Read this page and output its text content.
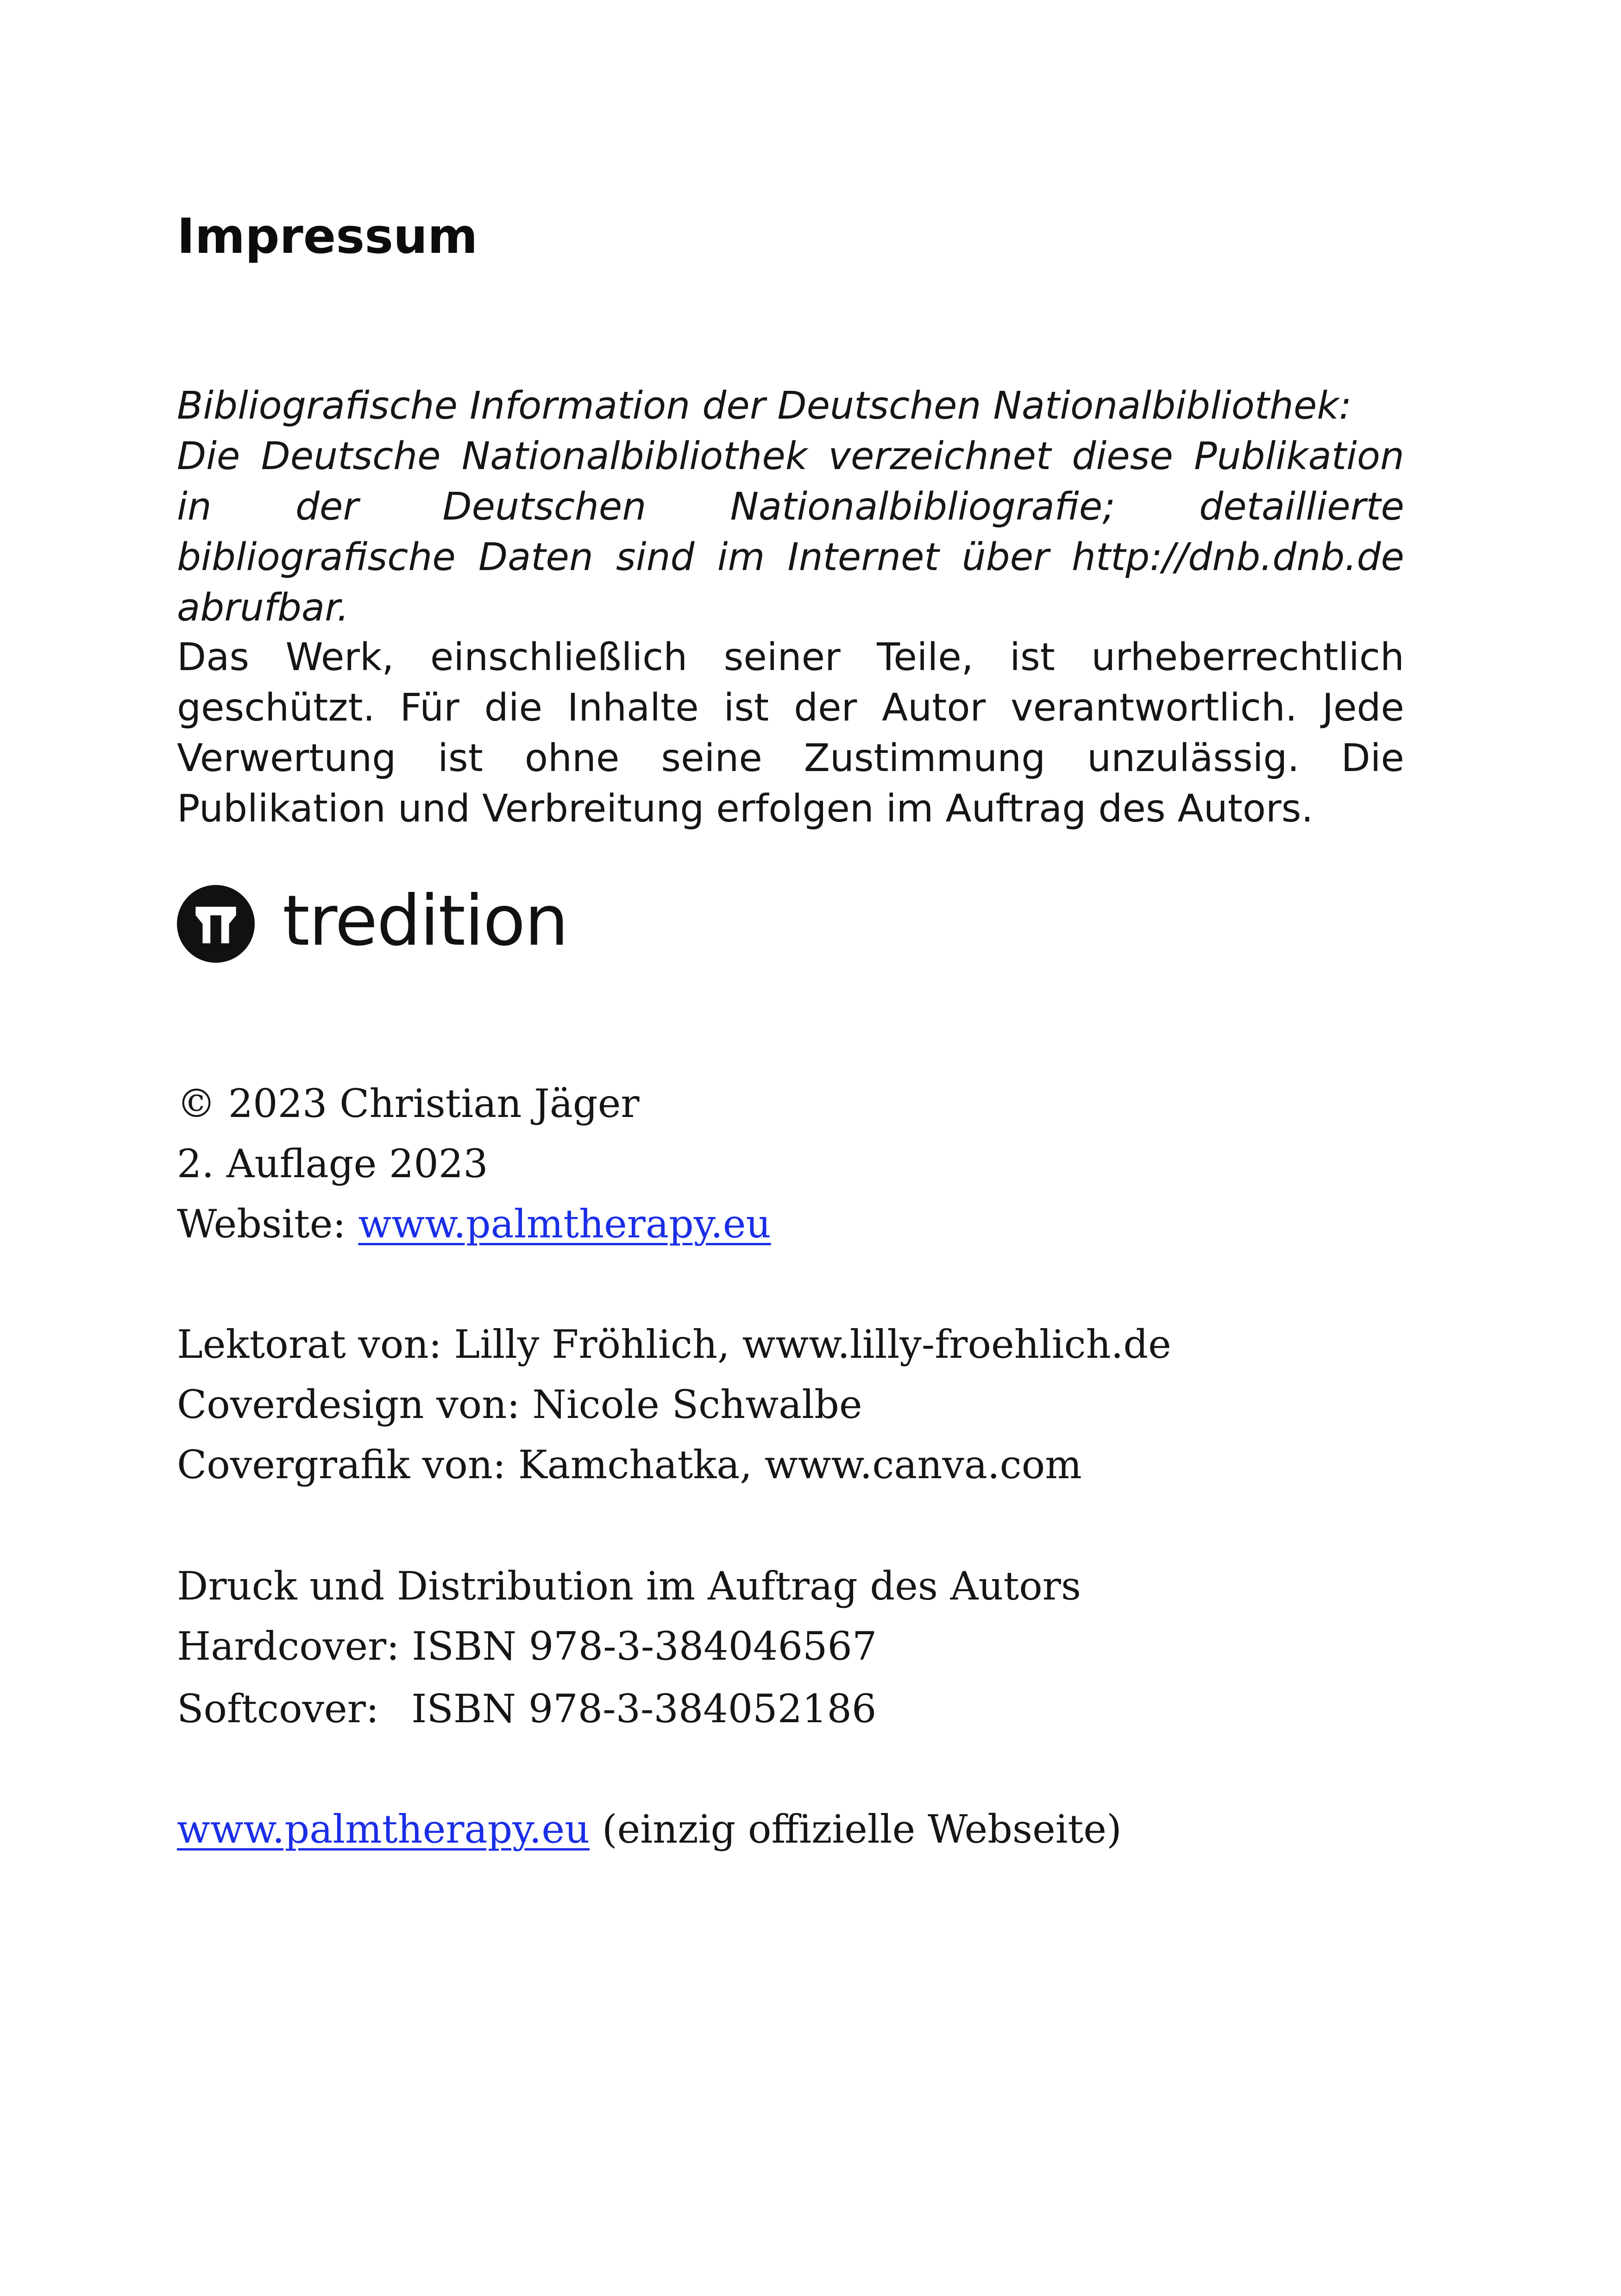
Impressum

Bibliografische Information der Deutschen Nationalbibliothek:
Die Deutsche Nationalbibliothek verzeichnet diese Publikation in der Deutschen Nationalbibliografie; detaillierte bibliografische Daten sind im Internet über http://dnb.dnb.de abrufbar.

Das Werk, einschließlich seiner Teile, ist urheberrechtlich geschützt. Für die Inhalte ist der Autor verantwortlich. Jede Verwertung ist ohne seine Zustimmung unzulässig. Die Publikation und Verbreitung erfolgen im Auftrag des Autors.

tredition

© 2023 Christian Jäger

2. Auflage 2023

Website: www.palmtherapy.eu

Lektorat von: Lilly Fröhlich, www.lilly-froehlich.de

Coverdesign von: Nicole Schwalbe

Covergrafik von: Kamchatka, www.canva.com

Druck und Distribution im Auftrag des Autors

Hardcover: ISBN 978-3-384046567

Softcover: ISBN 978-3-384052186

www.palmtherapy.eu (einzig offizielle Webseite)
